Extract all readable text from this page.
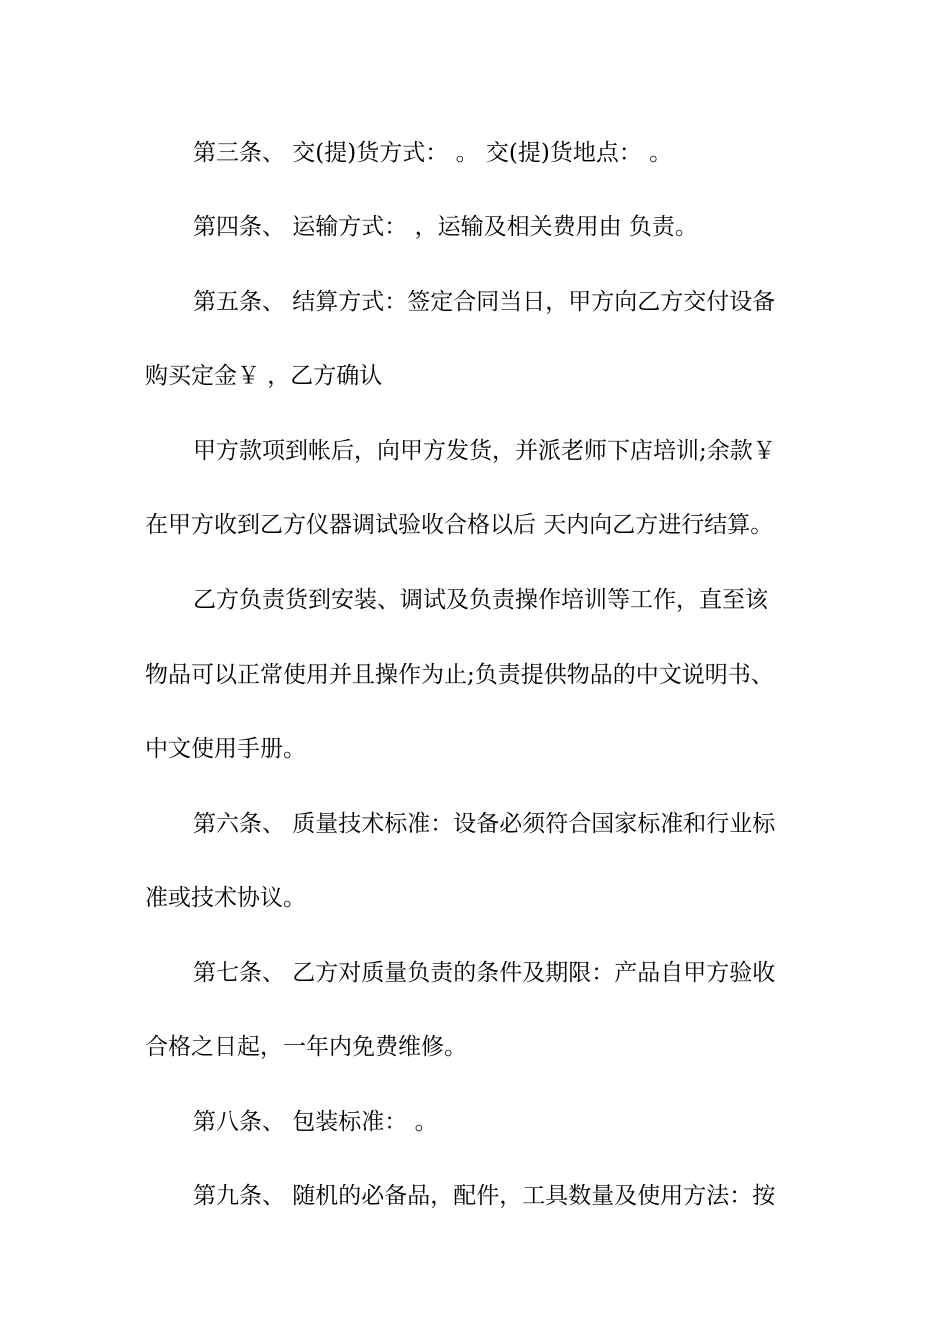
第三条、 交(提)货方式： 。 交(提)货地点： 。
第四条、 运输方式： ，运输及相关费用由 负责。
第五条、 结算方式：签定合同当日，甲方向乙方交付设备
购买定金￥ ，乙方确认
甲方款项到帐后，向甲方发货，并派老师下店培训;余款￥
在甲方收到乙方仪器调试验收合格以后 天内向乙方进行结算。
乙方负责货到安装、调试及负责操作培训等工作，直至该
物品可以正常使用并且操作为止;负责提供物品的中文说明书、
中文使用手册。
第六条、 质量技术标准：设备必须符合国家标准和行业标
准或技术协议。
第七条、 乙方对质量负责的条件及期限：产品自甲方验收
合格之日起，一年内免费维修。
第八条、 包装标准： 。
第九条、 随机的必备品，配件，工具数量及使用方法：按
